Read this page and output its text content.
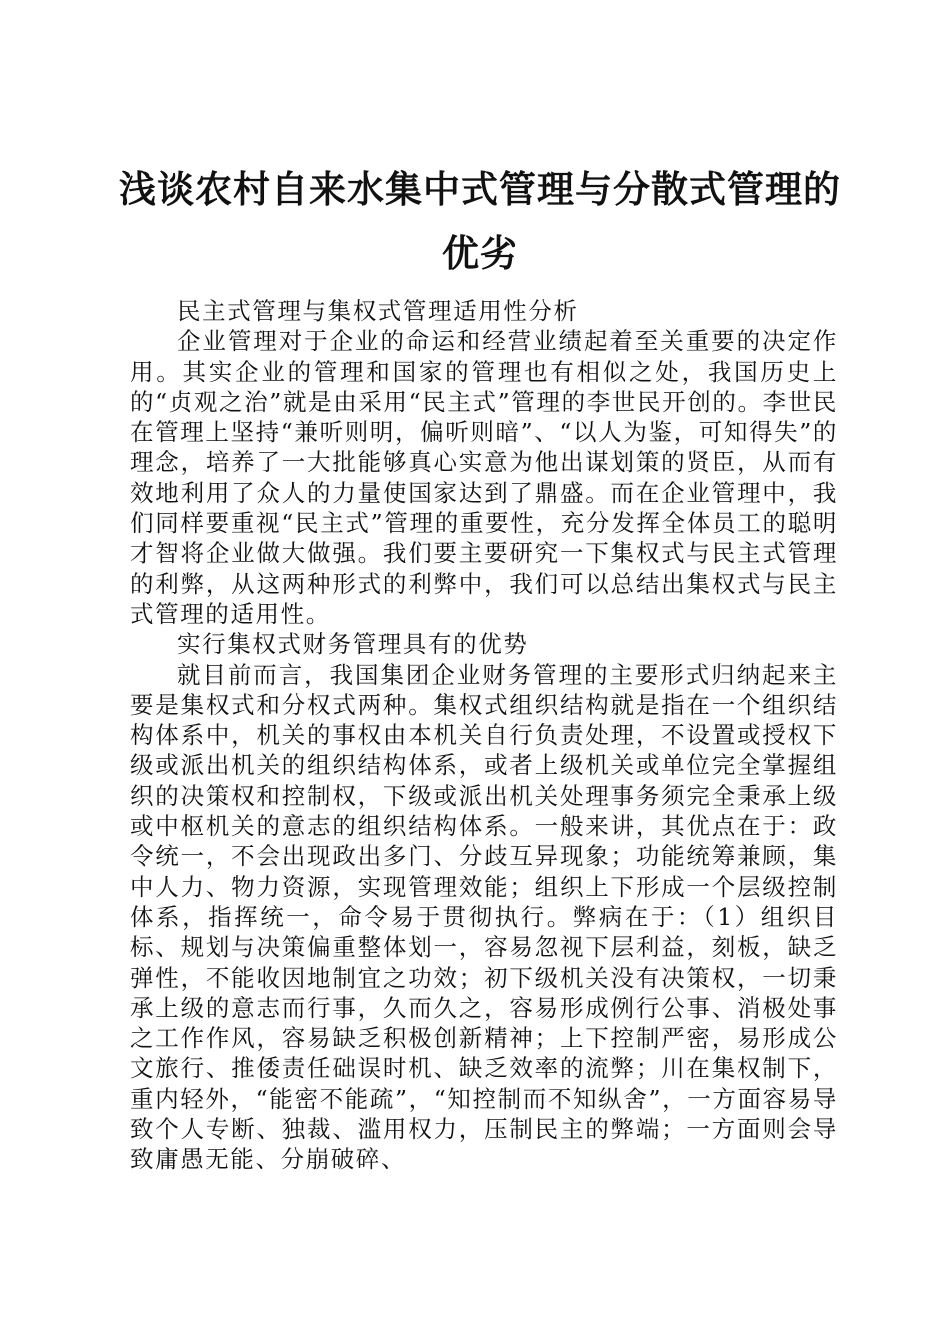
浅谈农村自来水集中式管理与分散式管理的优劣

民主式管理与集权式管理适用性分析

企业管理对于企业的命运和经营业绩起着至关重要的决定作用。其实企业的管理和国家的管理也有相似之处，我国历史上的“贞观之治”就是由采用“民主式”管理的李世民开创的。李世民在管理上坚持“兼听则明，偏听则暗”、“以人为鉴，可知得失”的理念，培养了一大批能够真心实意为他出谋划策的贤臣，从而有效地利用了众人的力量使国家达到了鼎盛。而在企业管理中，我们同样要重视“民主式”管理的重要性，充分发挥全体员工的聪明才智将企业做大做强。我们要主要研究一下集权式与民主式管理的利弊，从这两种形式的利弊中，我们可以总结出集权式与民主式管理的适用性。

实行集权式财务管理具有的优势

就目前而言，我国集团企业财务管理的主要形式归纳起来主要是集权式和分权式两种。集权式组织结构就是指在一个组织结构体系中，机关的事权由本机关自行负责处理，不设置或授权下级或派出机关的组织结构体系，或者上级机关或单位完全掌握组织的决策权和控制权，下级或派出机关处理事务须完全秉承上级或中枢机关的意志的组织结构体系。一般来讲，其优点在于：政令统一，不会出现政出多门、分歧互异现象；功能统筹兼顾，集中人力、物力资源，实现管理效能；组织上下形成一个层级控制体系，指挥统一，命令易于贯彻执行。弊病在于：（1）组织目标、规划与决策偏重整体划一，容易忽视下层利益，刻板，缺乏弹性，不能收因地制宜之功效；初下级机关没有决策权，一切秉承上级的意志而行事，久而久之，容易形成例行公事、消极处事之工作作风，容易缺乏积极创新精神；上下控制严密，易形成公文旅行、推倭责任础误时机、缺乏效率的流弊；川在集权制下，重内轻外，“能密不能疏”，“知控制而不知纵舍”，一方面容易导致个人专断、独裁、滥用权力，压制民主的弊端；一方面则会导致庸愚无能、分崩破碎、
